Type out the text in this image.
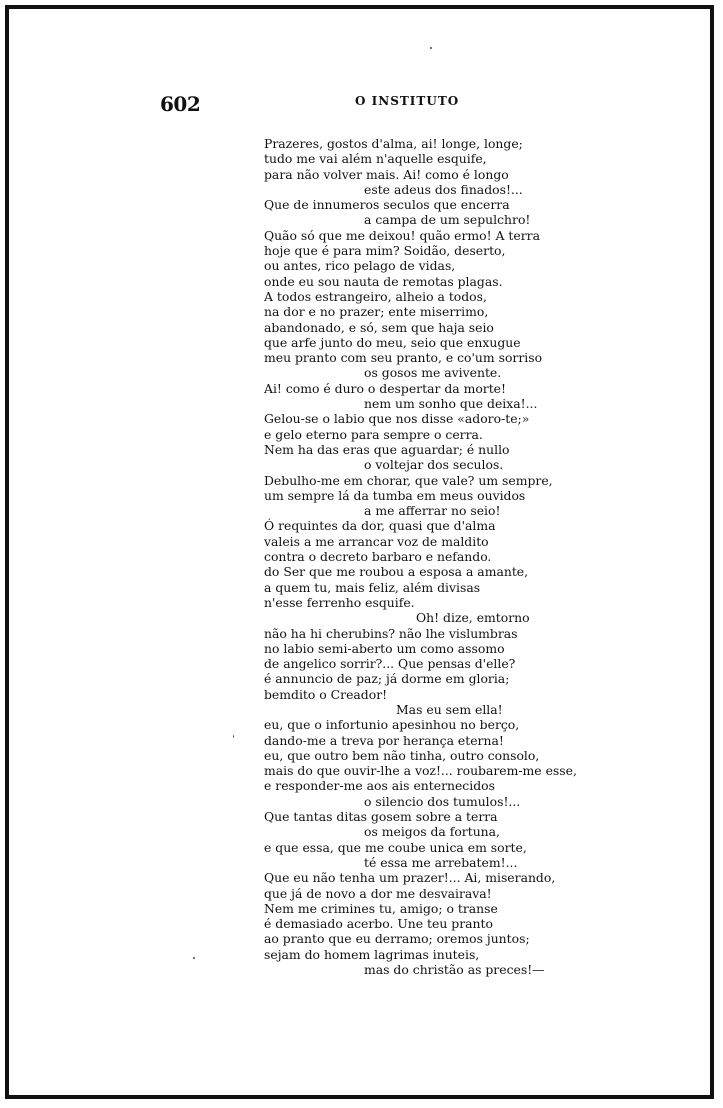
602	O INSTITUTO
Prazeres, gostos d'alma, ai! longe, longe;
tudo me vai além n'aquelle esquife,
para não volver mais. Ai! como é longo
este adeus dos finados!...
Que de innumeros seculos que encerra
a campa de um sepulchro!
Quão só que me deixou! quão ermo! A terra
hoje que é para mim? Soidão, deserto,
ou antes, rico pelago de vidas,
onde eu sou nauta de remotas plagas.
A todos estrangeiro, alheio a todos,
na dor e no prazer; ente miserrimo,
abandonado, e só, sem que haja seio
que arfe junto do meu, seio que enxugue
meu pranto com seu pranto, e co'um sorriso
os gosos me avivente.
Ai! como é duro o despertar da morte!
nem um sonho que deixa!...
Gelou-se o labio que nos disse «adoro-te;»
e gelo eterno para sempre o cerra.
Nem ha das eras que aguardar; é nullo
o voltejar dos seculos.
Debulho-me em chorar, que vale? um sempre,
um sempre lá da tumba em meus ouvidos
a me afferrar no seio!
Ó requintes da dor, quasi que d'alma
valeis a me arrancar voz de maldito
contra o decreto barbaro e nefando.
do Ser que me roubou a esposa a amante,
a quem tu, mais feliz, além divisas
n'esse ferrenho esquife.
Oh! dize, emtorno
não ha hi cherubins? não lhe vislumbras
no labio semi-aberto um como assomo
de angelico sorrir?... Que pensas d'elle?
é annuncio de paz; já dorme em gloria;
bemdito o Creador!
Mas eu sem ella!
eu, que o infortunio apesinhou no berço,
dando-me a treva por herança eterna!
eu, que outro bem não tinha, outro consolo,
mais do que ouvir-lhe a voz!... roubarem-me esse,
e responder-me aos ais enternecidos
o silencio dos tumulos!...
Que tantas ditas gosem sobre a terra
os meigos da fortuna,
e que essa, que me coube unica em sorte,
té essa me arrebatem!...
Que eu não tenha um prazer!... Ai, miserando,
que já de novo a dor me desvairava!
Nem me crimines tu, amigo; o transe
é demasiado acerbo. Une teu pranto
ao pranto que eu derramo; oremos juntos;
sejam do homem lagrimas inuteis,
mas do christão as preces!—
